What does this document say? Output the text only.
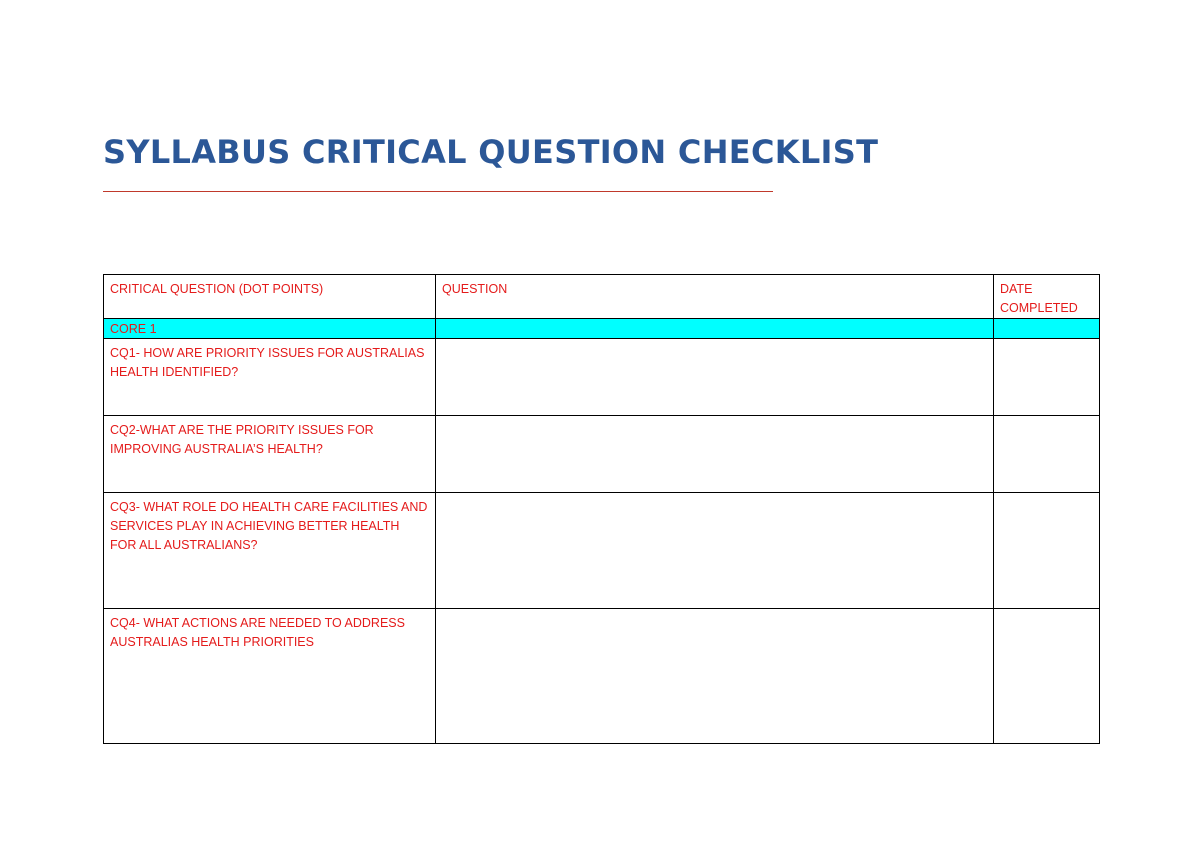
SYLLABUS CRITICAL QUESTION CHECKLIST
CRITICAL QUESTION (DOT POINTS)	QUESTION	DATE COMPLETED
CORE 1		
CQ1- HOW ARE PRIORITY ISSUES FOR AUSTRALIAS HEALTH IDENTIFIED?		
CQ2-WHAT ARE THE PRIORITY ISSUES FOR IMPROVING AUSTRALIA’S HEALTH?		
CQ3- WHAT ROLE DO HEALTH CARE FACILITIES AND SERVICES PLAY IN ACHIEVING BETTER HEALTH FOR ALL AUSTRALIANS?		
CQ4- WHAT ACTIONS ARE NEEDED TO ADDRESS AUSTRALIAS HEALTH PRIORITIES		
